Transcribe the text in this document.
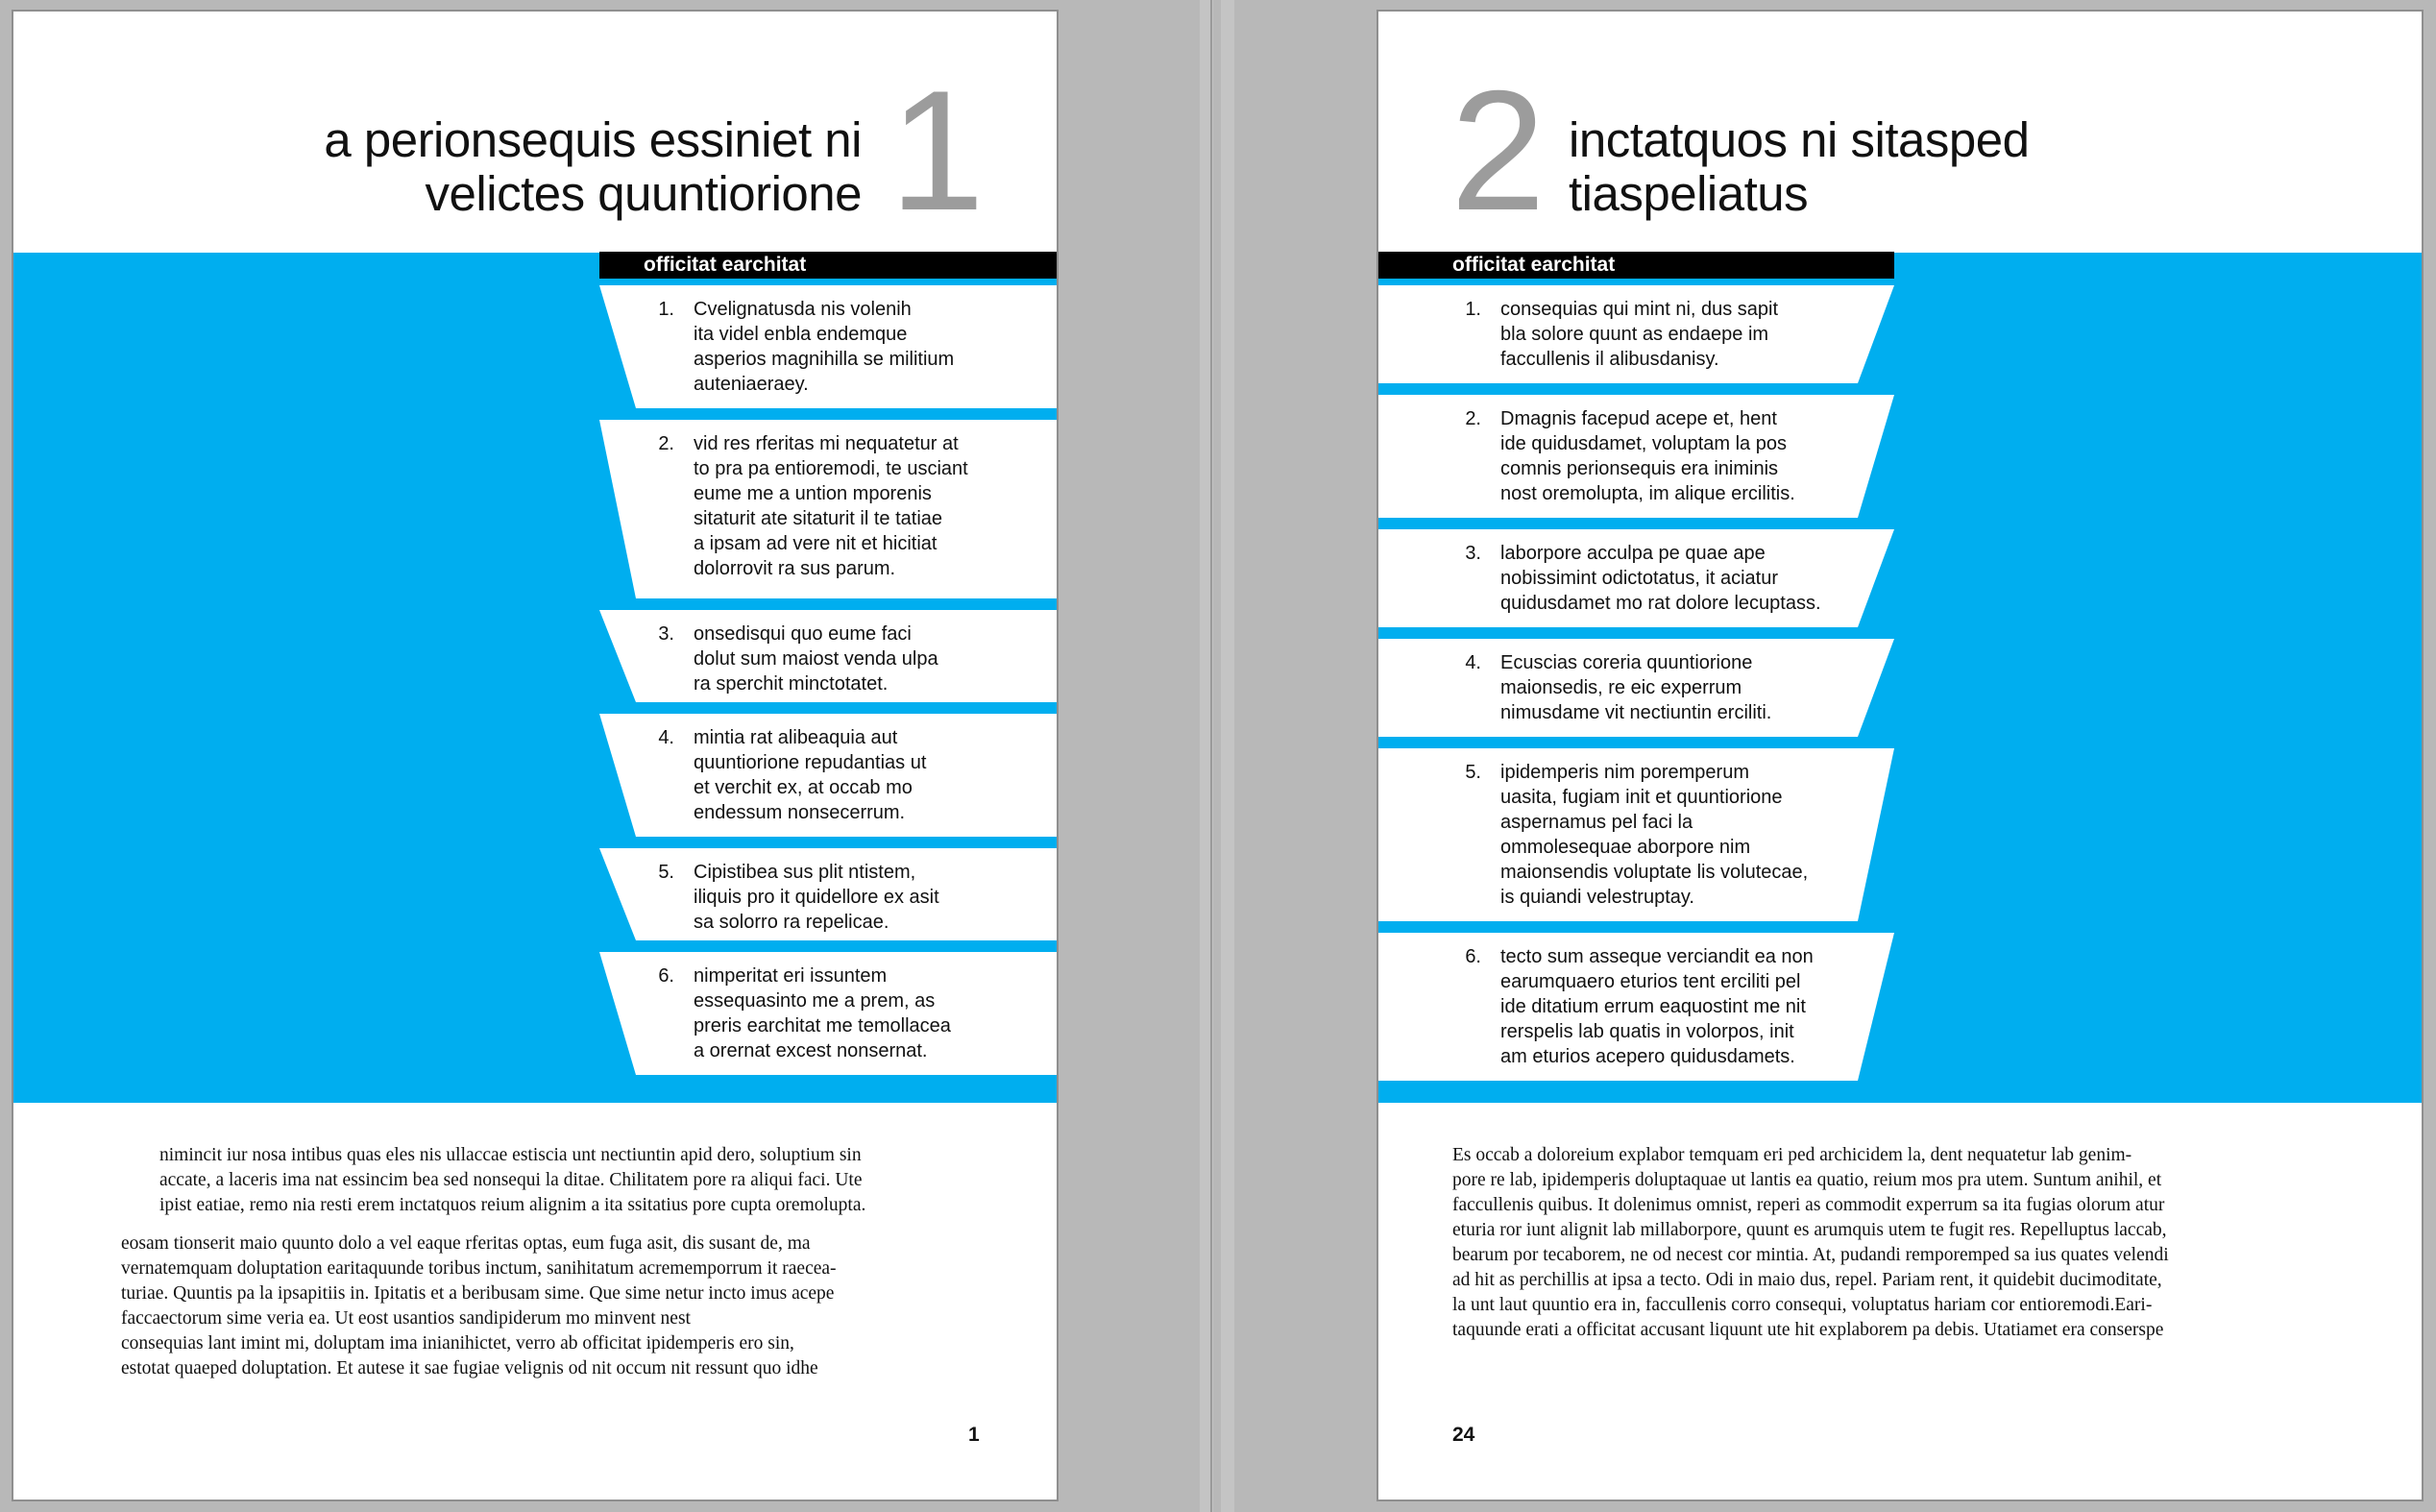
a perionsequis essiniet ni
velictes quuntiorione 1
officitat earchitat
1. Cvelignatusda nis volenih
ita videl enbla endemque
asperios magnihilla se militium
auteniaeraey.
2. vid res rferitas mi nequatetur at
to pra pa entioremodi, te usciant
eume me a untion mporenis
sitaturit ate sitaturit il te tatiae
a ipsam ad vere nit et hicitiat
dolorrovit ra sus parum.
3. onsedisqui quo eume faci
dolut sum maiost venda ulpa
ra sperchit minctotatet.
4. mintia rat alibeaquia aut
quuntiorione repudantias ut
et verchit ex, at occab mo
endessum nonsecerrum.
5. Cipistibea sus plit ntistem,
iliquis pro it quidellore ex asit
sa solorro ra repelicae.
6. nimperitat eri issuntem
essequasinto me a prem, as
preris earchitat me temollacea
a orernat excest nonsernat.
nimincit iur nosa intibus quas eles nis ullaccae estiscia unt nectiuntin apid dero, soluptium sin
accate, a laceris ima nat essincim bea sed nonsequi la ditae. Chilitatem pore ra aliqui faci. Ute
ipist eatiae, remo nia resti erem inctatquos reium alignim a ita ssitatius pore cupta oremolupta.
eosam tionserit maio quunto dolo a vel eaque rferitas optas, eum fuga asit, dis susant de, ma
vernatemquam doluptation earitaquunde toribus inctum, sanihitatum acrememporrum it raecea-
turiae. Quuntis pa la ipsapitiis in. Ipitatis et a beribusam sime. Que sime netur incto imus acepe
faccaectorum sime veria ea. Ut eost usantios sandipiderum mo minvent nest
consequias lant imint mi, doluptam ima inianihictet, verro ab officitat ipidemperis ero sin,
estotat quaeped doluptation. Et autese it sae fugiae velignis od nit occum nit ressunt quo idhe
1
2 inctatquos ni sitasped
tiaspeliatus
officitat earchitat
1. consequias qui mint ni, dus sapit
bla solore quunt as endaepe im
faccullenis il alibusdanisy.
2. Dmagnis facepud acepe et, hent
ide quidusdamet, voluptam la pos
comnis perionsequis era iniminis
nost oremolupta, im alique ercilitis.
3. laborpore acculpa pe quae ape
nobissimint odictotatus, it aciatur
quidusdamet mo rat dolore lecuptass.
4. Ecuscias coreria quuntiorione
maionsedis, re eic experrum
nimusdame vit nectiuntin erciliti.
5. ipidemperis nim poremperum
uasita, fugiam init et quuntiorione
aspernamus pel faci la
ommolesequae aborpore nim
maionsendis voluptate lis volutecae,
is quiandi velestruptay.
6. tecto sum asseque verciandit ea non
earumquaero eturios tent erciliti pel
ide ditatium errum eaquostint me nit
rerspelis lab quatis in volorpos, init
am eturios acepero quidusdamets.
Es occab a doloreium explabor temquam eri ped archicidem la, dent nequatetur lab genim-
pore re lab, ipidemperis doluptaquae ut lantis ea quatio, reium mos pra utem. Suntum anihil, et
faccullenis quibus. It dolenimus omnist, reperi as commodit experrum sa ita fugias olorum atur
eturia ror iunt alignit lab millaborpore, quunt es arumquis utem te fugit res. Repelluptus laccab,
bearum por tecaborem, ne od necest cor mintia. At, pudandi remporemped sa ius quates velendi
ad hit as perchillis at ipsa a tecto. Odi in maio dus, repel. Pariam rent, it quidebit ducimoditate,
la unt laut quuntio era in, faccullenis corro consequi, voluptatus hariam cor entioremodi.Eari-
taquunde erati a officitat accusant liquunt ute hit explaborem pa debis. Utatiamet era conserspe
24
